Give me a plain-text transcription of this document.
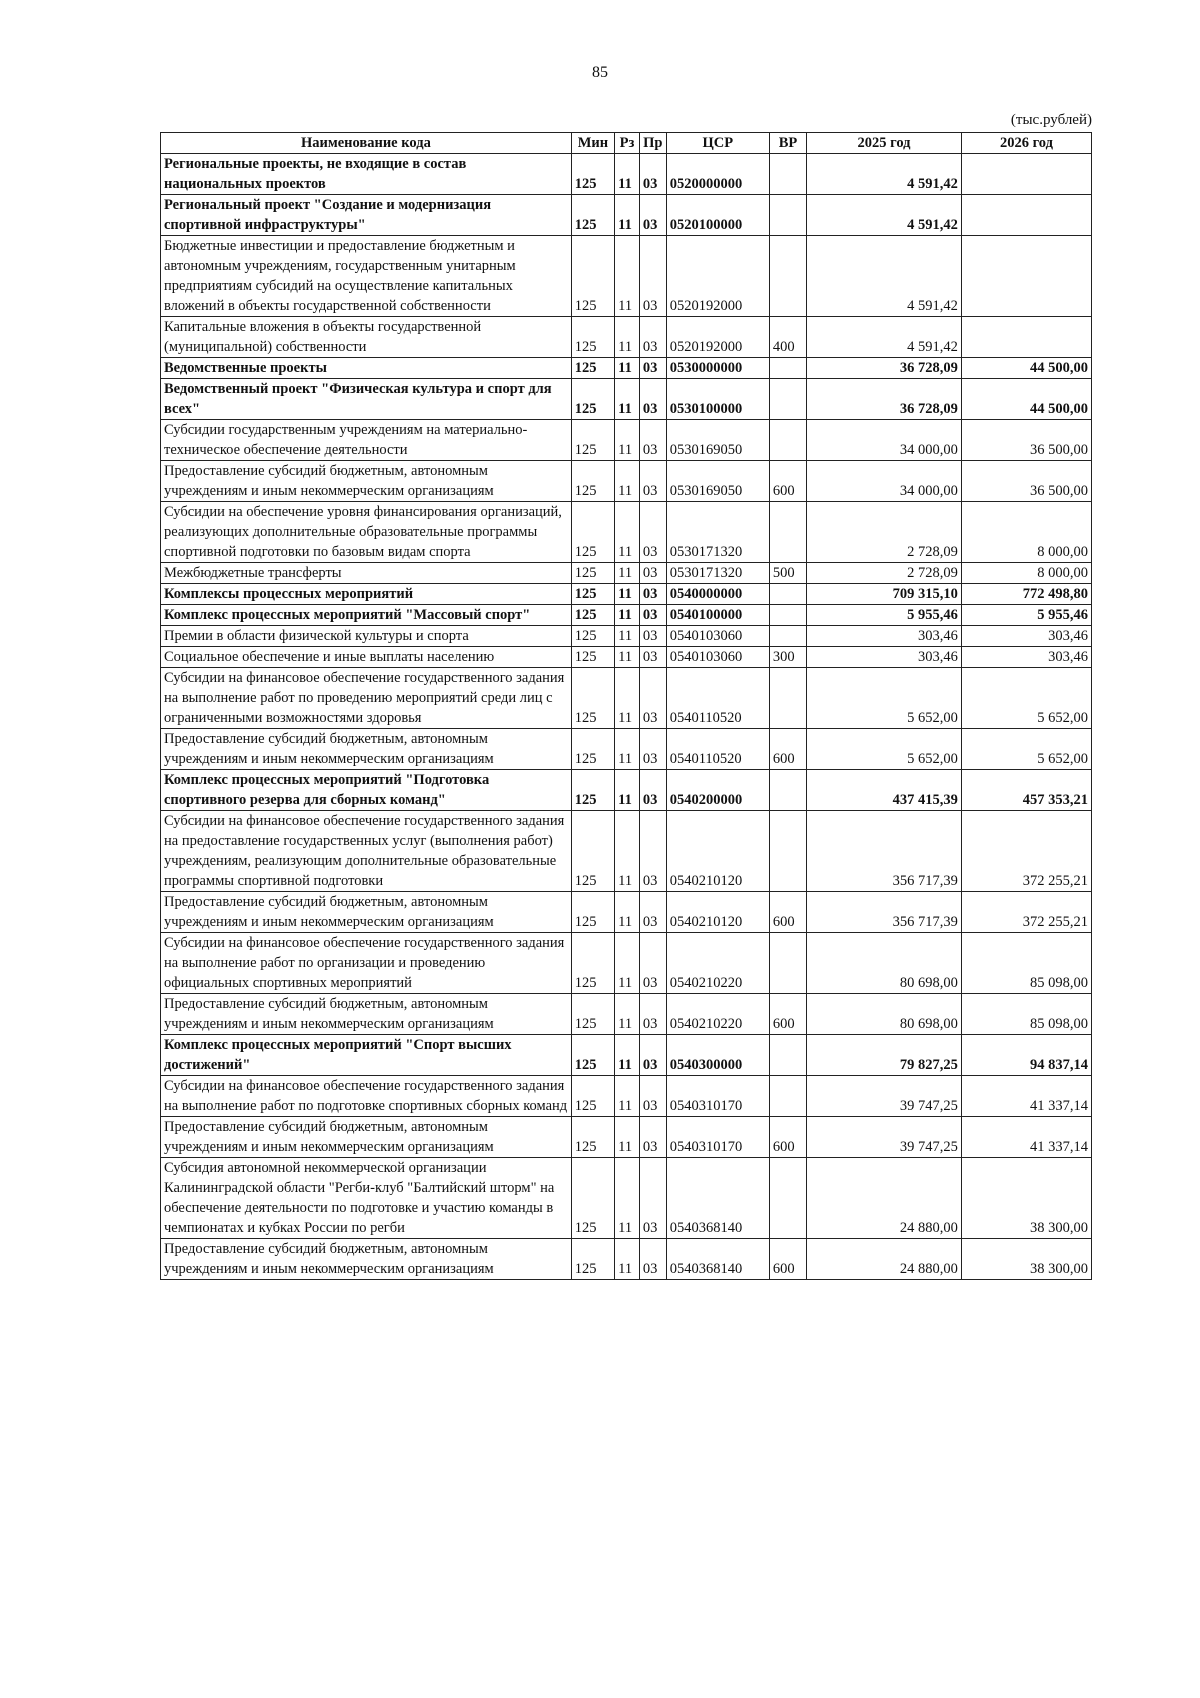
85
(тыс.рублей)
Наименование кода	Мин	Рз	Пр	ЦСР	ВР	2025 год	2026 год
Региональные проекты, не входящие в состав национальных проектов	125	11	03	0520000000		4 591,42	
Региональный проект "Создание и модернизация спортивной инфраструктуры"	125	11	03	0520100000		4 591,42	
Бюджетные инвестиции и предоставление бюджетным и автономным учреждениям, государственным унитарным предприятиям субсидий на осуществление капитальных вложений в объекты государственной собственности	125	11	03	0520192000		4 591,42	
Капитальные вложения в объекты государственной (муниципальной) собственности	125	11	03	0520192000	400	4 591,42	
Ведомственные проекты	125	11	03	0530000000		36 728,09	44 500,00
Ведомственный проект "Физическая культура и спорт для всех"	125	11	03	0530100000		36 728,09	44 500,00
Субсидии государственным учреждениям на материально-техническое обеспечение деятельности	125	11	03	0530169050		34 000,00	36 500,00
Предоставление субсидий бюджетным, автономным учреждениям и иным некоммерческим организациям	125	11	03	0530169050	600	34 000,00	36 500,00
Субсидии на обеспечение уровня финансирования организаций, реализующих дополнительные образовательные программы спортивной подготовки по базовым видам спорта	125	11	03	0530171320		2 728,09	8 000,00
Межбюджетные трансферты	125	11	03	0530171320	500	2 728,09	8 000,00
Комплексы процессных мероприятий	125	11	03	0540000000		709 315,10	772 498,80
Комплекс процессных мероприятий "Массовый спорт"	125	11	03	0540100000		5 955,46	5 955,46
Премии в области физической культуры и спорта	125	11	03	0540103060		303,46	303,46
Социальное обеспечение и иные выплаты населению	125	11	03	0540103060	300	303,46	303,46
Субсидии на финансовое обеспечение государственного задания на выполнение работ по проведению мероприятий среди лиц с ограниченными возможностями здоровья	125	11	03	0540110520		5 652,00	5 652,00
Предоставление субсидий бюджетным, автономным учреждениям и иным некоммерческим организациям	125	11	03	0540110520	600	5 652,00	5 652,00
Комплекс процессных мероприятий "Подготовка спортивного резерва для сборных команд"	125	11	03	0540200000		437 415,39	457 353,21
Субсидии на финансовое обеспечение государственного задания на предоставление государственных услуг (выполнения работ) учреждениям, реализующим дополнительные образовательные программы спортивной подготовки	125	11	03	0540210120		356 717,39	372 255,21
Предоставление субсидий бюджетным, автономным учреждениям и иным некоммерческим организациям	125	11	03	0540210120	600	356 717,39	372 255,21
Субсидии на финансовое обеспечение государственного задания на выполнение работ по организации и проведению официальных спортивных мероприятий	125	11	03	0540210220		80 698,00	85 098,00
Предоставление субсидий бюджетным, автономным учреждениям и иным некоммерческим организациям	125	11	03	0540210220	600	80 698,00	85 098,00
Комплекс процессных мероприятий "Спорт высших достижений"	125	11	03	0540300000		79 827,25	94 837,14
Субсидии на финансовое обеспечение государственного задания на выполнение работ по подготовке спортивных сборных команд	125	11	03	0540310170		39 747,25	41 337,14
Предоставление субсидий бюджетным, автономным учреждениям и иным некоммерческим организациям	125	11	03	0540310170	600	39 747,25	41 337,14
Субсидия автономной некоммерческой организации Калининградской области "Регби-клуб "Балтийский шторм" на обеспечение деятельности по подготовке и участию команды в чемпионатах и кубках России по регби	125	11	03	0540368140		24 880,00	38 300,00
Предоставление субсидий бюджетным, автономным учреждениям и иным некоммерческим организациям	125	11	03	0540368140	600	24 880,00	38 300,00
